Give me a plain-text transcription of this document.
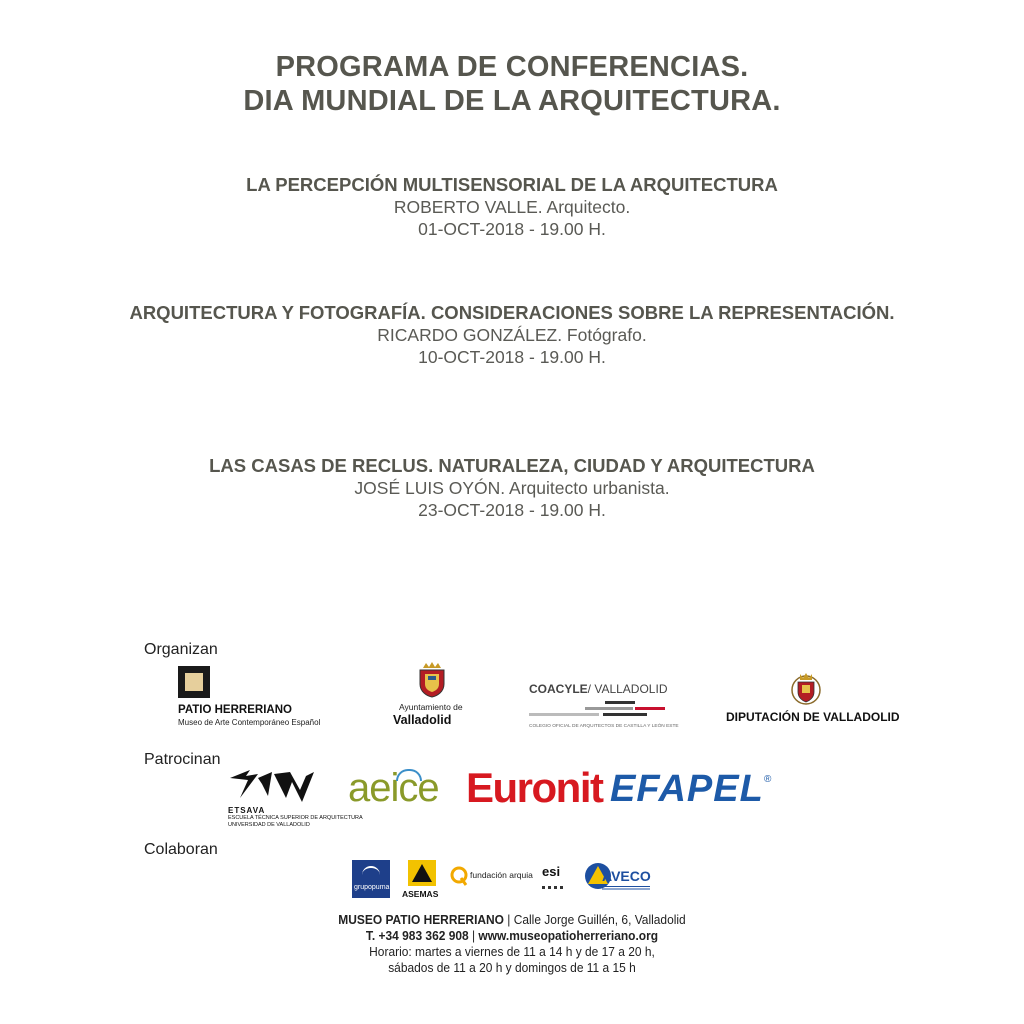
PROGRAMA DE CONFERENCIAS.
DIA MUNDIAL DE LA ARQUITECTURA.
LA PERCEPCIÓN MULTISENSORIAL DE LA ARQUITECTURA
ROBERTO VALLE. Arquitecto.
01-OCT-2018 - 19.00 H.
ARQUITECTURA Y FOTOGRAFÍA. CONSIDERACIONES SOBRE LA REPRESENTACIÓN.
RICARDO GONZÁLEZ. Fotógrafo.
10-OCT-2018 - 19.00 H.
LAS CASAS DE RECLUS. NATURALEZA, CIUDAD Y ARQUITECTURA
JOSÉ LUIS OYÓN. Arquitecto urbanista.
23-OCT-2018 - 19.00 H.
Organizan
PATIO HERRERIANO
Museo de Arte Contemporáneo Español
Ayuntamiento de
Valladolid
COACYLE/ VALLADOLID
COLEGIO OFICIAL DE ARQUITECTOS DE CASTILLA Y LEÓN ESTE
DIPUTACIÓN DE VALLADOLID
Patrocinan
ETSAVA
ESCUELA TÉCNICA SUPERIOR DE ARQUITECTURA
UNIVERSIDAD DE VALLADOLID
aeice Euronit EFAPEL ®
Colaboran
grupopuma
ASEMAS
fundación arquia esi	AVECO
MUSEO PATIO HERRERIANO | Calle Jorge Guillén, 6, Valladolid
T. +34 983 362 908 | www.museopatioherreriano.org
Horario: martes a viernes de 11 a 14 h y de 17 a 20 h,
sábados de 11 a 20 h y domingos de 11 a 15 h
